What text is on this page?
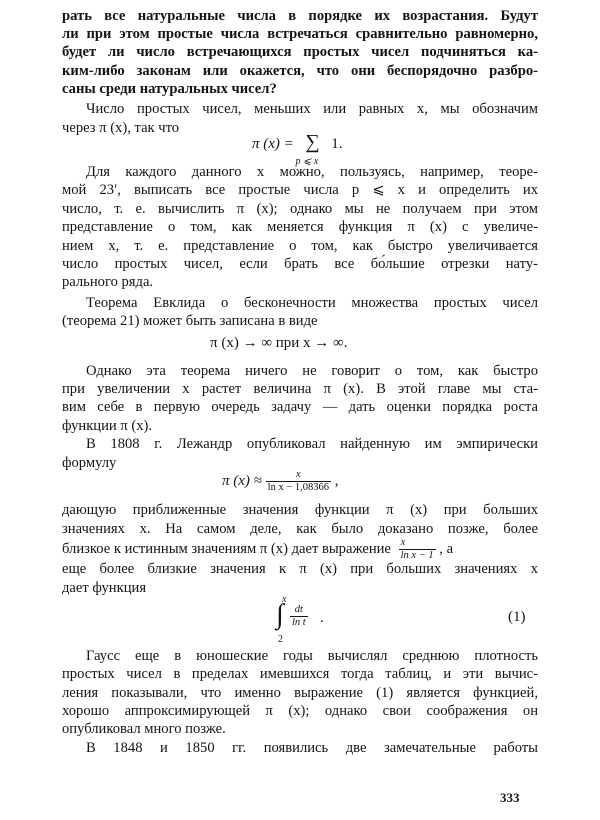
рать все натуральные числа в порядке их возрастания. Будут
ли при этом простые числа встречаться сравнительно равномерно,
будет ли число встречающихся простых чисел подчиняться ка-
ким-либо законам или окажется, что они беспорядочно разбро-
саны среди натуральных чисел?
Число простых чисел, меньших или равных x, мы обозначим
через π (x), так что
π (x) = ∑
p ⩽ x
1.
Для каждого данного x можно, пользуясь, например, теоре-
мой 23′, выписать все простые числа p ⩽ x и определить их
число, т. е. вычислить π (x); однако мы не получаем при этом
представление о том, как меняется функция π (x) с увеличе-
нием x, т. е. представление о том, как быстро увеличивается
число простых чисел, если брать все бо́льшие отрезки нату-
рального ряда.
Теорема Евклида о бесконечности множества простых чисел
(теорема 21) может быть записана в виде
π (x) → ∞ при x → ∞.
Однако эта теорема ничего не говорит о том, как быстро
при увеличении x растет величина π (x). В этой главе мы ста-
вим себе в первую очередь задачу — дать оценки порядка роста
функции π (x).
В 1808 г. Лежандр опубликовал найденную им эмпирически
формулу
π $(x) \approx \frac{x}{\text{ln x − 1,08366}}$ ,
дающую приближенные значения функции π (x) при больших
значениях x. На самом деле, как было доказано позже, более
близкое к истинным значениям π (x) дает выражение $\frac{x}{\text{ln x − 1}}$ , а
еще более близкие значения к π (x) при больших значениях x
дает функция
x
∫
2
$\frac{dt}{\text{ln t}}$ .	(1)
Гаусс еще в юношеские годы вычислял среднюю плотность
простых чисел в пределах имевшихся тогда таблиц, и эти вычис-
ления показывали, что именно выражение (1) является функцией,
хорошо аппроксимирующей π (x); однако свои соображения он
опубликовал много позже.
В 1848 и 1850 гг. появились две замечательные работы
333
